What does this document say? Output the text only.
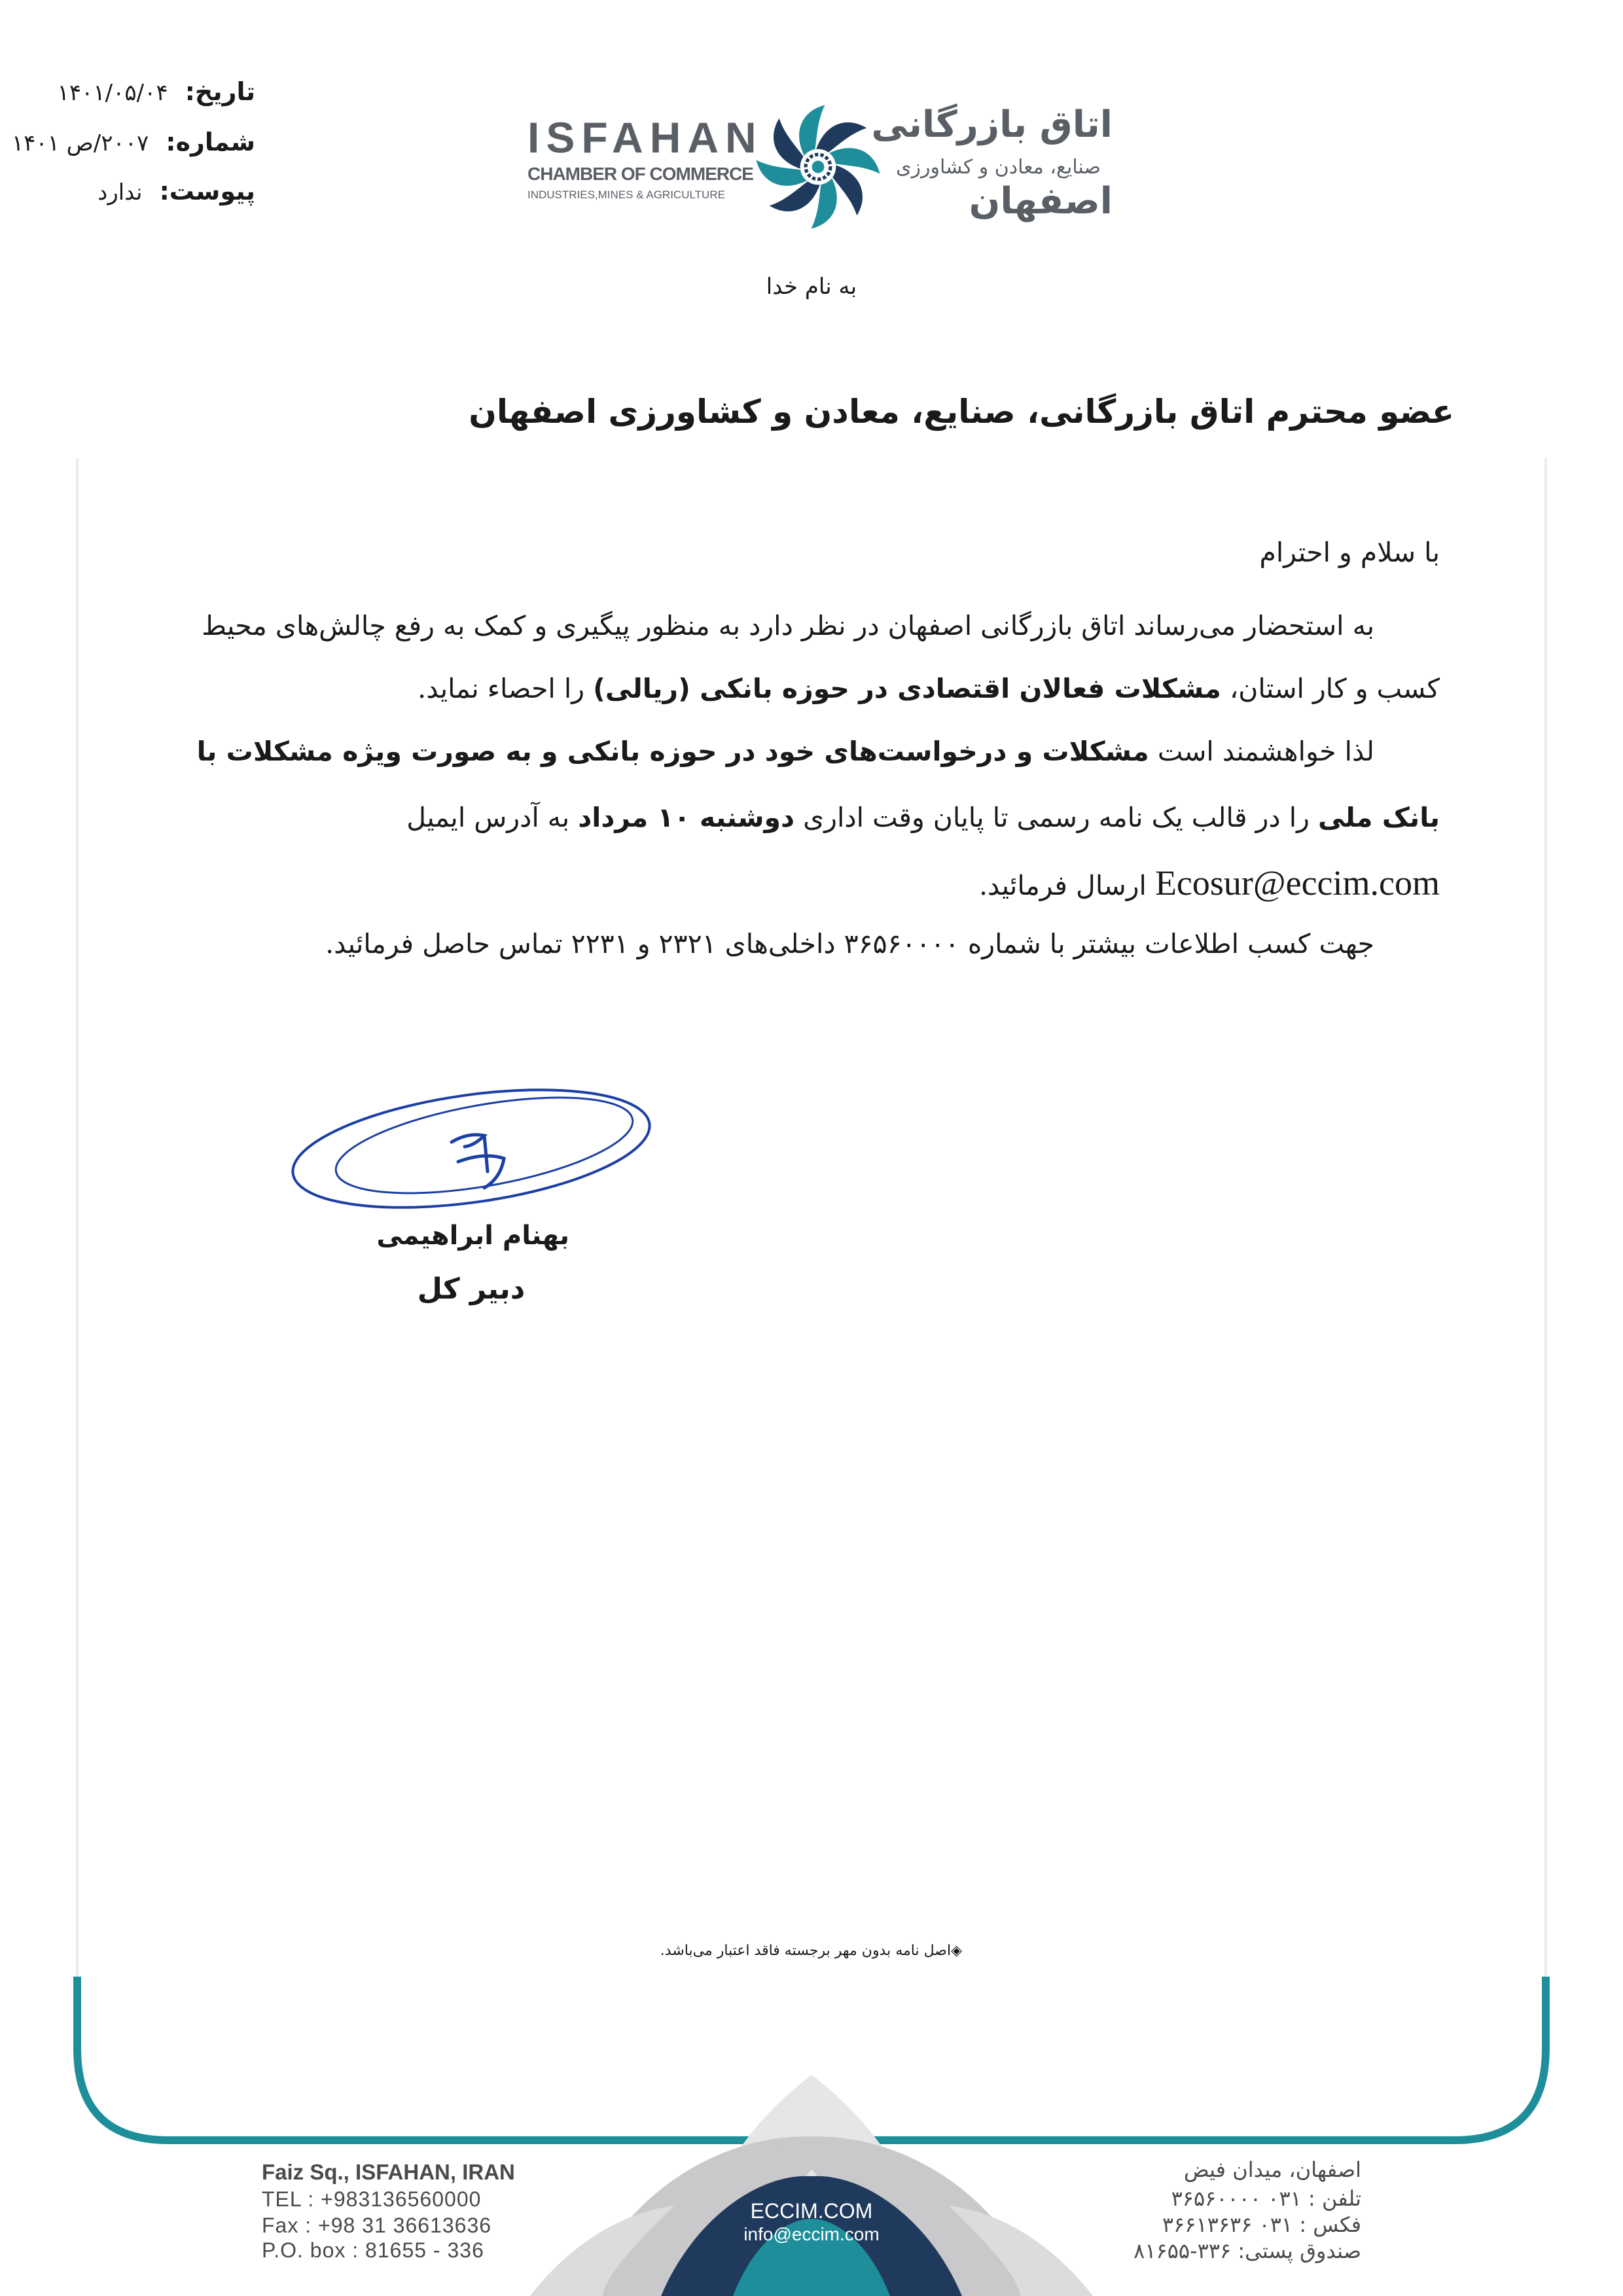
تاریخ: ۱۴۰۱/۰۵/۰۴
شماره: ۲۰۰۷/ص ۱۴۰۱
پیوست: ندارد
ISFAHAN
CHAMBER OF COMMERCE
INDUSTRIES,MINES & AGRICULTURE
اتاق بازرگانی
صنایع، معادن و کشاورزی
اصفهان
به نام خدا
عضو محترم اتاق بازرگانی، صنایع، معادن و کشاورزی اصفهان
با سلام و احترام
به استحضار می‌رساند اتاق بازرگانی اصفهان در نظر دارد به منظور پیگیری و کمک به رفع چالش‌های محیط
کسب و کار استان، مشکلات فعالان اقتصادی در حوزه بانکی (ریالی) را احصاء نماید.
لذا خواهشمند است مشکلات و درخواست‌های خود در حوزه بانکی و به صورت ویژه مشکلات با
بانک ملی را در قالب یک نامه رسمی تا پایان وقت اداری دوشنبه ۱۰ مرداد به آدرس ایمیل
Ecosur@eccim.com ارسال فرمائید.
جهت کسب اطلاعات بیشتر با شماره ۳۶۵۶۰۰۰۰ داخلی‌های ۲۳۲۱ و ۲۲۳۱ تماس حاصل فرمائید.
بهنام ابراهیمی
دبیر کل
◈اصل نامه بدون مهر برجسته فاقد اعتبار می‌باشد.
ECCIM.COM
info@eccim.com
Faiz Sq., ISFAHAN, IRAN
TEL : +983136560000
Fax : +98 31 36613636
P.O. box : 81655 - 336
اصفهان، میدان فیض
تلفن : ۰۳۱ ۳۶۵۶۰۰۰۰
فکس : ۰۳۱ ۳۶۶۱۳۶۳۶
صندوق پستی: ۳۳۶-۸۱۶۵۵
